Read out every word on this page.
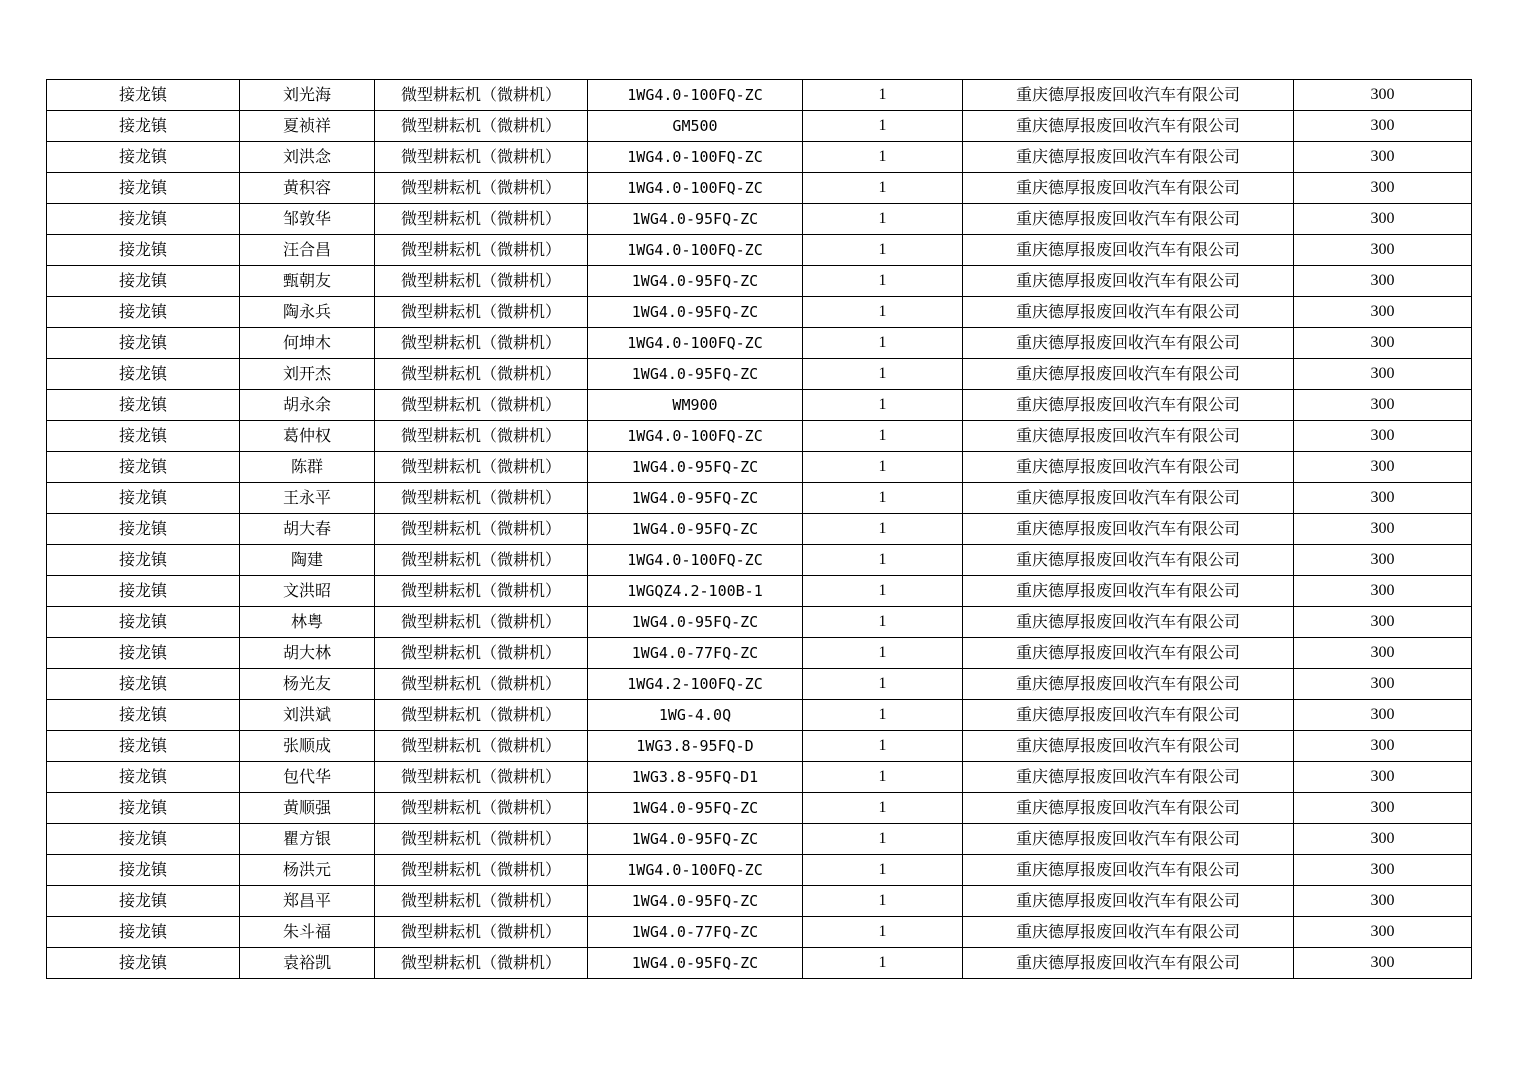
接龙镇	刘光海	微型耕耘机（微耕机）	1WG4.0-100FQ-ZC	1	重庆德厚报废回收汽车有限公司	300
接龙镇	夏祯祥	微型耕耘机（微耕机）	GM500	1	重庆德厚报废回收汽车有限公司	300
接龙镇	刘洪念	微型耕耘机（微耕机）	1WG4.0-100FQ-ZC	1	重庆德厚报废回收汽车有限公司	300
接龙镇	黄积容	微型耕耘机（微耕机）	1WG4.0-100FQ-ZC	1	重庆德厚报废回收汽车有限公司	300
接龙镇	邹敦华	微型耕耘机（微耕机）	1WG4.0-95FQ-ZC	1	重庆德厚报废回收汽车有限公司	300
接龙镇	汪合昌	微型耕耘机（微耕机）	1WG4.0-100FQ-ZC	1	重庆德厚报废回收汽车有限公司	300
接龙镇	甄朝友	微型耕耘机（微耕机）	1WG4.0-95FQ-ZC	1	重庆德厚报废回收汽车有限公司	300
接龙镇	陶永兵	微型耕耘机（微耕机）	1WG4.0-95FQ-ZC	1	重庆德厚报废回收汽车有限公司	300
接龙镇	何坤木	微型耕耘机（微耕机）	1WG4.0-100FQ-ZC	1	重庆德厚报废回收汽车有限公司	300
接龙镇	刘开杰	微型耕耘机（微耕机）	1WG4.0-95FQ-ZC	1	重庆德厚报废回收汽车有限公司	300
接龙镇	胡永余	微型耕耘机（微耕机）	WM900	1	重庆德厚报废回收汽车有限公司	300
接龙镇	葛仲权	微型耕耘机（微耕机）	1WG4.0-100FQ-ZC	1	重庆德厚报废回收汽车有限公司	300
接龙镇	陈群	微型耕耘机（微耕机）	1WG4.0-95FQ-ZC	1	重庆德厚报废回收汽车有限公司	300
接龙镇	王永平	微型耕耘机（微耕机）	1WG4.0-95FQ-ZC	1	重庆德厚报废回收汽车有限公司	300
接龙镇	胡大春	微型耕耘机（微耕机）	1WG4.0-95FQ-ZC	1	重庆德厚报废回收汽车有限公司	300
接龙镇	陶建	微型耕耘机（微耕机）	1WG4.0-100FQ-ZC	1	重庆德厚报废回收汽车有限公司	300
接龙镇	文洪昭	微型耕耘机（微耕机）	1WGQZ4.2-100B-1	1	重庆德厚报废回收汽车有限公司	300
接龙镇	林粤	微型耕耘机（微耕机）	1WG4.0-95FQ-ZC	1	重庆德厚报废回收汽车有限公司	300
接龙镇	胡大林	微型耕耘机（微耕机）	1WG4.0-77FQ-ZC	1	重庆德厚报废回收汽车有限公司	300
接龙镇	杨光友	微型耕耘机（微耕机）	1WG4.2-100FQ-ZC	1	重庆德厚报废回收汽车有限公司	300
接龙镇	刘洪斌	微型耕耘机（微耕机）	1WG-4.0Q	1	重庆德厚报废回收汽车有限公司	300
接龙镇	张顺成	微型耕耘机（微耕机）	1WG3.8-95FQ-D	1	重庆德厚报废回收汽车有限公司	300
接龙镇	包代华	微型耕耘机（微耕机）	1WG3.8-95FQ-D1	1	重庆德厚报废回收汽车有限公司	300
接龙镇	黄顺强	微型耕耘机（微耕机）	1WG4.0-95FQ-ZC	1	重庆德厚报废回收汽车有限公司	300
接龙镇	瞿方银	微型耕耘机（微耕机）	1WG4.0-95FQ-ZC	1	重庆德厚报废回收汽车有限公司	300
接龙镇	杨洪元	微型耕耘机（微耕机）	1WG4.0-100FQ-ZC	1	重庆德厚报废回收汽车有限公司	300
接龙镇	郑昌平	微型耕耘机（微耕机）	1WG4.0-95FQ-ZC	1	重庆德厚报废回收汽车有限公司	300
接龙镇	朱斗福	微型耕耘机（微耕机）	1WG4.0-77FQ-ZC	1	重庆德厚报废回收汽车有限公司	300
接龙镇	袁裕凯	微型耕耘机（微耕机）	1WG4.0-95FQ-ZC	1	重庆德厚报废回收汽车有限公司	300
